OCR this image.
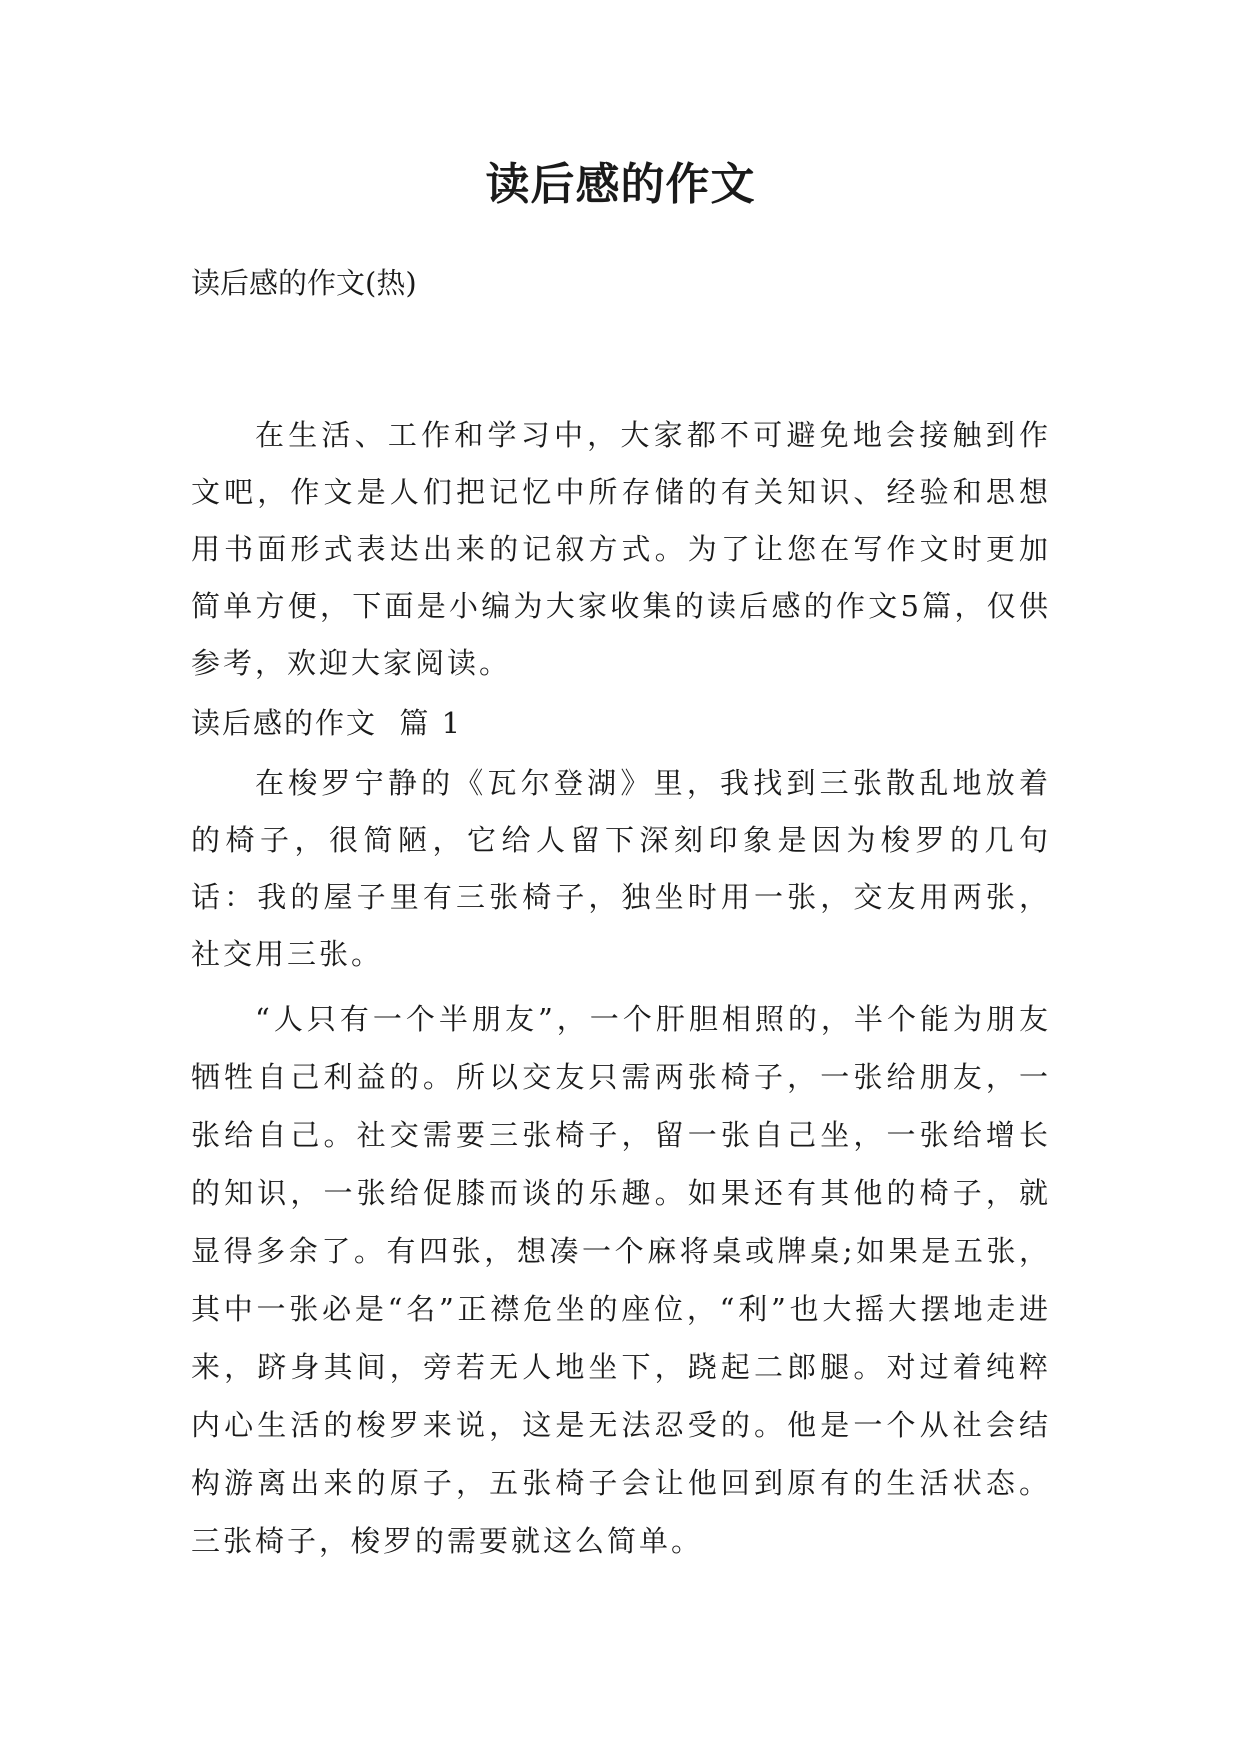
读后感的作文
读后感的作文(热)

在生活、工作和学习中，大家都不可避免地会接触到作文吧，作文是人们把记忆中所存储的有关知识、经验和思想用书面形式表达出来的记叙方式。为了让您在写作文时更加简单方便，下面是小编为大家收集的读后感的作文5篇，仅供参考，欢迎大家阅读。

读后感的作文  篇 1

在梭罗宁静的《瓦尔登湖》里，我找到三张散乱地放着的椅子，很简陋，它给人留下深刻印象是因为梭罗的几句话：我的屋子里有三张椅子，独坐时用一张，交友用两张，社交用三张。

“人只有一个半朋友”，一个肝胆相照的，半个能为朋友牺牲自己利益的。所以交友只需两张椅子，一张给朋友，一张给自己。社交需要三张椅子，留一张自己坐，一张给增长的知识，一张给促膝而谈的乐趣。如果还有其他的椅子，就显得多余了。有四张，想凑一个麻将桌或牌桌;如果是五张，其中一张必是“名”正襟危坐的座位，“利”也大摇大摆地走进来，跻身其间，旁若无人地坐下，跷起二郎腿。对过着纯粹内心生活的梭罗来说，这是无法忍受的。他是一个从社会结构游离出来的原子，五张椅子会让他回到原有的生活状态。三张椅子，梭罗的需要就这么简单。
